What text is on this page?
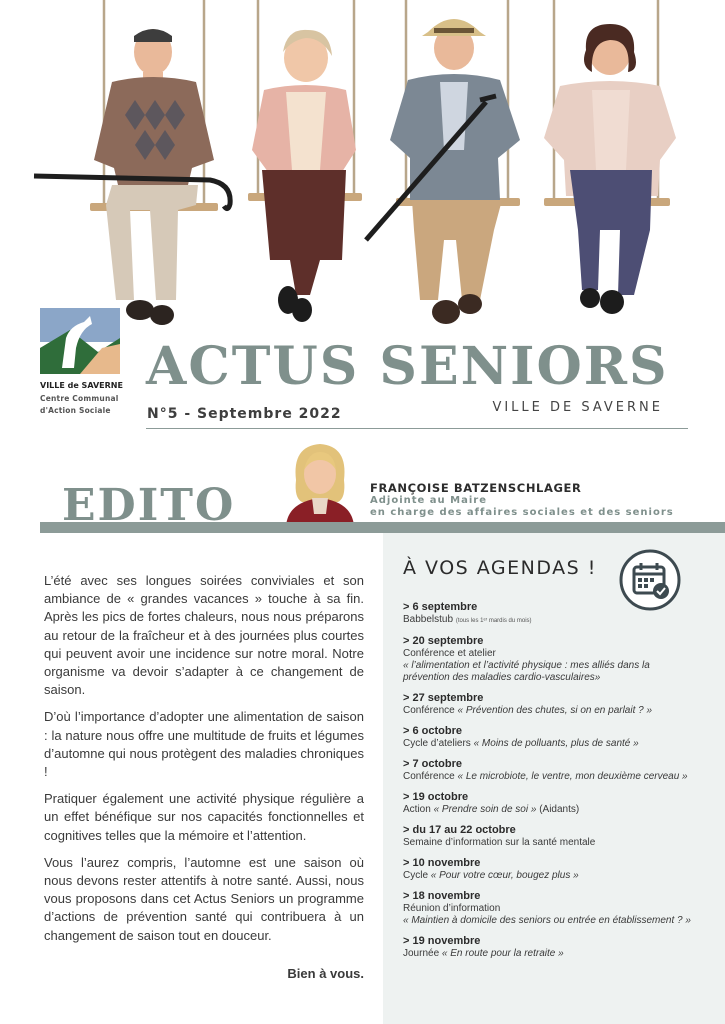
VILLE de SAVERNE
Centre Communal
d'Action Sociale
ACTUS SENIORS
N°5 - Septembre 2022	VILLE DE SAVERNE
EDITO	FRANÇOISE BATZENSCHLAGER
Adjointe au Maire
en charge des affaires sociales et des seniors

L’été avec ses longues soirées conviviales et son ambiance de « grandes vacances » touche à sa fin. Après les pics de fortes chaleurs, nous nous préparons au retour de la fraîcheur et à des journées plus courtes qui peuvent avoir une incidence sur notre moral. Notre organisme va devoir s’adapter à ce changement de saison.

D’où l’importance d’adopter une alimentation de saison : la nature nous offre une multitude de fruits et légumes d’automne qui nous protègent des maladies chroniques !

Pratiquer également une activité physique régulière a un effet bénéfique sur nos capacités fonctionnelles et cognitives telles que la mémoire et l’attention.

Vous l’aurez compris, l’automne est une saison où nous devons rester attentifs à notre santé. Aussi, nous vous proposons dans cet Actus Seniors un programme d’actions de prévention santé qui contribuera à un changement de saison tout en douceur.

Bien à vous.
À VOS AGENDAS !
> 6 septembre
Babbelstub (tous les 1ᵉʳ mardis du mois)
> 20 septembre
Conférence et atelier
« l’alimentation et l’activité physique : mes alliés dans la
prévention des maladies cardio-vasculaires»
> 27 septembre
Conférence « Prévention des chutes, si on en parlait ? »
> 6 octobre
Cycle d’ateliers « Moins de polluants, plus de santé »
> 7 octobre
Conférence « Le microbiote, le ventre, mon deuxième cerveau »
> 19 octobre
Action « Prendre soin de soi » (Aidants)
> du 17 au 22 octobre
Semaine d’information sur la santé mentale
> 10 novembre
Cycle « Pour votre cœur, bougez plus »
> 18 novembre
Réunion d’information
« Maintien à domicile des seniors ou entrée en établissement ? »
> 19 novembre
Journée « En route pour la retraite »
